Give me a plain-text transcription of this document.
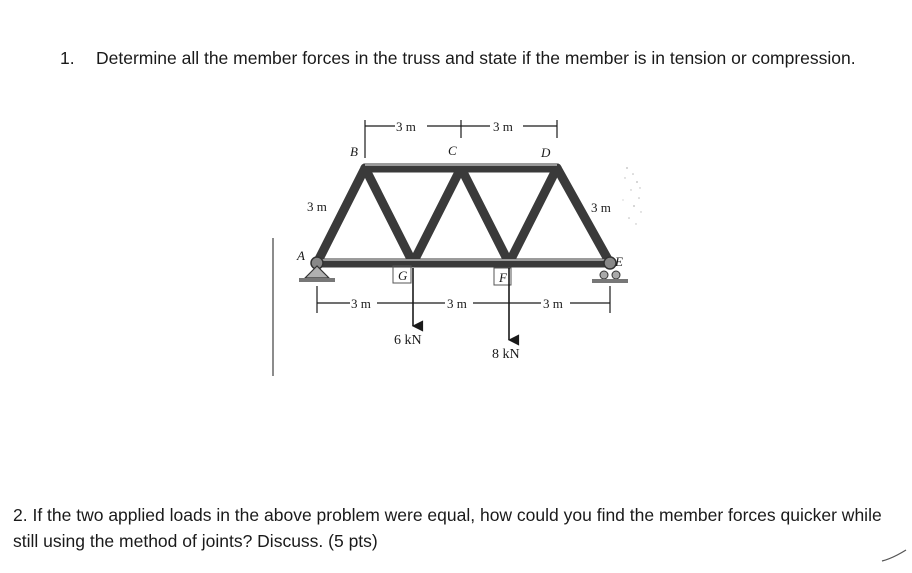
1. Determine all the member forces in the truss and state if the member is in tension or compression.
A
B	C	D
E
F
G
3 m	3 m
3 m	3 m
3 m	3 m	3 m
6 kN
8 kN
2. If the two applied loads in the above problem were equal, how could you find the member forces quicker while still using the method of joints? Discuss. (5 pts)
